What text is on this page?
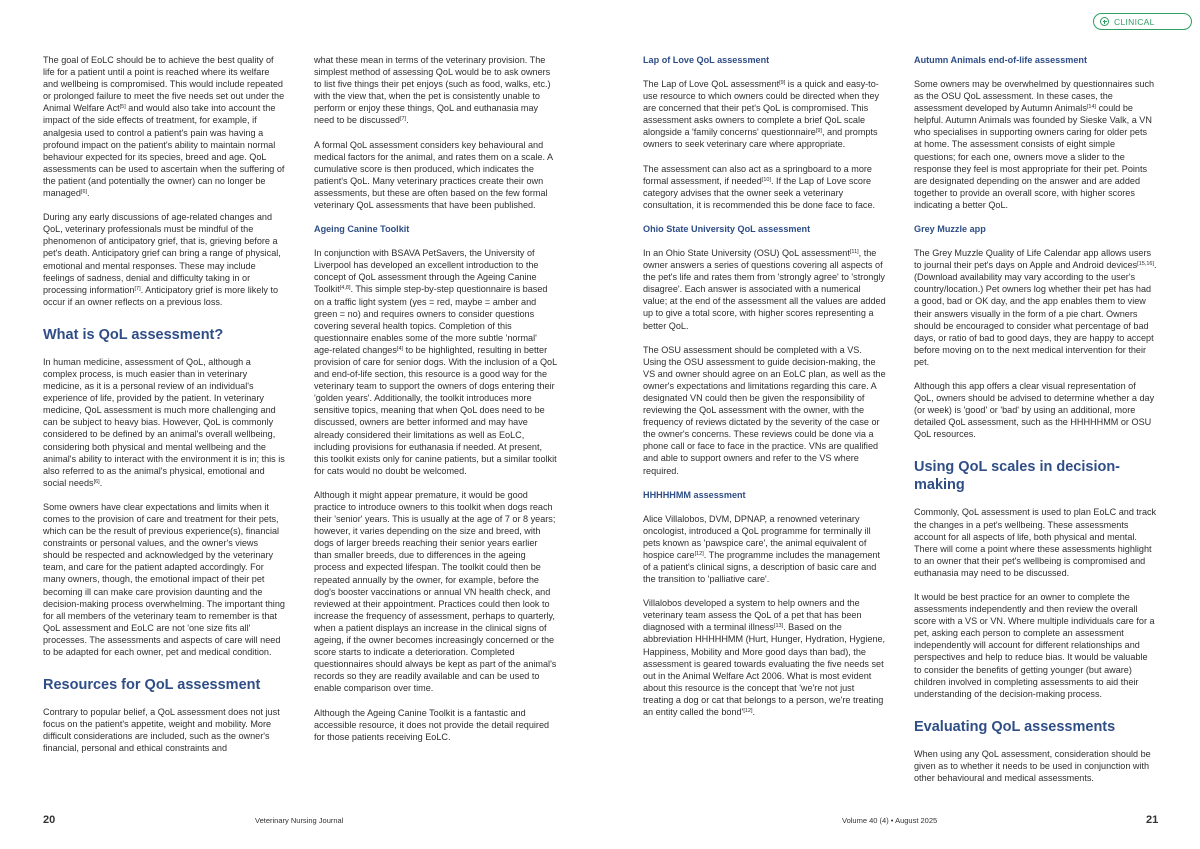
CLINICAL

The goal of EoLC should be to achieve the best quality of life for a patient until a point is reached where its welfare and wellbeing is compromised. This would include repeated or prolonged failure to meet the five needs set out under the Animal Welfare Act[5] and would also take into account the impact of the side effects of treatment, for example, if analgesia used to control a patient's pain was having a profound impact on the patient's ability to maintain normal behaviour expected for its species, breed and age. QoL assessments can be used to ascertain when the suffering of the patient (and potentially the owner) can no longer be managed[6].

During any early discussions of age-related changes and QoL, veterinary professionals must be mindful of the phenomenon of anticipatory grief, that is, grieving before a pet's death. Anticipatory grief can bring a range of physical, emotional and mental responses. These may include feelings of sadness, denial and difficulty taking in or processing information[7]. Anticipatory grief is more likely to occur if an owner reflects on a previous loss.

What is QoL assessment?

In human medicine, assessment of QoL, although a complex process, is much easier than in veterinary medicine, as it is a personal review of an individual's experience of life, provided by the patient. In veterinary medicine, QoL assessment is much more challenging and can be subject to heavy bias. However, QoL is commonly considered to be defined by an animal's overall wellbeing, considering both physical and mental wellbeing and the animal's ability to interact with the environment it is in; this is also referred to as the animal's physical, emotional and social needs[6].

Some owners have clear expectations and limits when it comes to the provision of care and treatment for their pets, which can be the result of previous experience(s), financial constraints or personal values, and the owner's views should be respected and acknowledged by the veterinary team, and care for the patient adapted accordingly. For many owners, though, the emotional impact of their pet becoming ill can make care provision daunting and the decision-making process overwhelming. The important thing for all members of the veterinary team to remember is that QoL assessment and EoLC are not 'one size fits all' processes. The assessments and aspects of care will need to be adapted for each owner, pet and medical condition.

Resources for QoL assessment

Contrary to popular belief, a QoL assessment does not just focus on the patient's appetite, weight and mobility. More difficult considerations are included, such as the owner's financial, personal and ethical constraints and

what these mean in terms of the veterinary provision. The simplest method of assessing QoL would be to ask owners to list five things their pet enjoys (such as food, walks, etc.) with the view that, when the pet is consistently unable to perform or enjoy these things, QoL and euthanasia may need to be discussed[7].

A formal QoL assessment considers key behavioural and medical factors for the animal, and rates them on a scale. A cumulative score is then produced, which indicates the patient's QoL. Many veterinary practices create their own assessments, but these are often based on the few formal veterinary QoL assessments that have been published.

Ageing Canine Toolkit

In conjunction with BSAVA PetSavers, the University of Liverpool has developed an excellent introduction to the concept of QoL assessment through the Ageing Canine Toolkit[4,8]. This simple step-by-step questionnaire is based on a traffic light system (yes = red, maybe = amber and green = no) and requires owners to consider questions covering several health topics. Completion of this questionnaire enables some of the more subtle 'normal' age-related changes[4] to be highlighted, resulting in better provision of care for senior dogs. With the inclusion of a QoL and end-of-life section, this resource is a good way for the veterinary team to support the owners of dogs entering their 'golden years'. Additionally, the toolkit introduces more sensitive topics, meaning that when QoL does need to be discussed, owners are better informed and may have already considered their limitations as well as EoLC, including provisions for euthanasia if needed. At present, this toolkit exists only for canine patients, but a similar toolkit for cats would no doubt be welcomed.

Although it might appear premature, it would be good practice to introduce owners to this toolkit when dogs reach their 'senior' years. This is usually at the age of 7 or 8 years; however, it varies depending on the size and breed, with dogs of larger breeds reaching their senior years earlier than smaller breeds, due to differences in the ageing process and expected lifespan. The toolkit could then be repeated annually by the owner, for example, before the dog's booster vaccinations or annual VN health check, and reviewed at their appointment. Practices could then look to increase the frequency of assessment, perhaps to quarterly, when a patient displays an increase in the clinical signs of ageing, if the owner becomes increasingly concerned or the score starts to indicate a deterioration. Completed questionnaires should always be kept as part of the animal's records so they are readily available and can be used to enable comparison over time.

Although the Ageing Canine Toolkit is a fantastic and accessible resource, it does not provide the detail required for those patients receiving EoLC.

Lap of Love QoL assessment

The Lap of Love QoL assessment[9] is a quick and easy-to-use resource to which owners could be directed when they are concerned that their pet's QoL is compromised. This assessment asks owners to complete a brief QoL scale alongside a 'family concerns' questionnaire[9], and prompts owners to seek veterinary care where appropriate.

The assessment can also act as a springboard to a more formal assessment, if needed[10]. If the Lap of Love score category advises that the owner seek a veterinary consultation, it is recommended this be done face to face.

Ohio State University QoL assessment

In an Ohio State University (OSU) QoL assessment[11], the owner answers a series of questions covering all aspects of the pet's life and rates them from 'strongly agree' to 'strongly disagree'. Each answer is associated with a numerical value; at the end of the assessment all the values are added up to give a total score, with higher scores representing a better QoL.

The OSU assessment should be completed with a VS. Using the OSU assessment to guide decision-making, the VS and owner should agree on an EoLC plan, as well as the owner's expectations and limitations regarding this care. A designated VN could then be given the responsibility of reviewing the QoL assessment with the owner, with the frequency of reviews dictated by the severity of the case or the owner's concerns. These reviews could be done via a phone call or face to face in the practice. VNs are qualified and able to support owners and refer to the VS where required.

HHHHHMM assessment

Alice Villalobos, DVM, DPNAP, a renowned veterinary oncologist, introduced a QoL programme for terminally ill pets known as 'pawspice care', the animal equivalent of hospice care[12]. The programme includes the management of a patient's clinical signs, a description of basic care and the transition to 'palliative care'.

Villalobos developed a system to help owners and the veterinary team assess the QoL of a pet that has been diagnosed with a terminal illness[13]. Based on the abbreviation HHHHHMM (Hurt, Hunger, Hydration, Hygiene, Happiness, Mobility and More good days than bad), the assessment is geared towards evaluating the five needs set out in the Animal Welfare Act 2006. What is most evident about this resource is the concept that 'we're not just treating a dog or cat that belongs to a person, we're treating an entity called the bond'[12].

Autumn Animals end-of-life assessment

Some owners may be overwhelmed by questionnaires such as the OSU QoL assessment. In these cases, the assessment developed by Autumn Animals[14] could be helpful. Autumn Animals was founded by Sieske Valk, a VN who specialises in supporting owners caring for older pets at home. The assessment consists of eight simple questions; for each one, owners move a slider to the response they feel is most appropriate for their pet. Points are designated depending on the answer and are added together to provide an overall score, with higher scores indicating a better QoL.

Grey Muzzle app

The Grey Muzzle Quality of Life Calendar app allows users to journal their pet's days on Apple and Android devices[15,16]. (Download availability may vary according to the user's country/location.) Pet owners log whether their pet has had a good, bad or OK day, and the app enables them to view their answers visually in the form of a pie chart. Owners should be encouraged to consider what percentage of bad days, or ratio of bad to good days, they are happy to accept before moving on to the next medical intervention for their pet.

Although this app offers a clear visual representation of QoL, owners should be advised to determine whether a day (or week) is 'good' or 'bad' by using an additional, more detailed QoL assessment, such as the HHHHHMM or OSU QoL resources.

Using QoL scales in decision-making

Commonly, QoL assessment is used to plan EoLC and track the changes in a pet's wellbeing. These assessments account for all aspects of life, both physical and mental. There will come a point where these assessments highlight to an owner that their pet's wellbeing is compromised and euthanasia may need to be discussed.

It would be best practice for an owner to complete the assessments independently and then review the overall score with a VS or VN. Where multiple individuals care for a pet, asking each person to complete an assessment independently will account for different relationships and perspectives and help to reduce bias. It would be valuable to consider the benefits of getting younger (but aware) children involved in completing assessments to aid their understanding of the decision-making process.

Evaluating QoL assessments

When using any QoL assessment, consideration should be given as to whether it needs to be used in conjunction with other behavioural and medical assessments.

20	Veterinary Nursing Journal	Volume 40 (4) • August 2025	21
